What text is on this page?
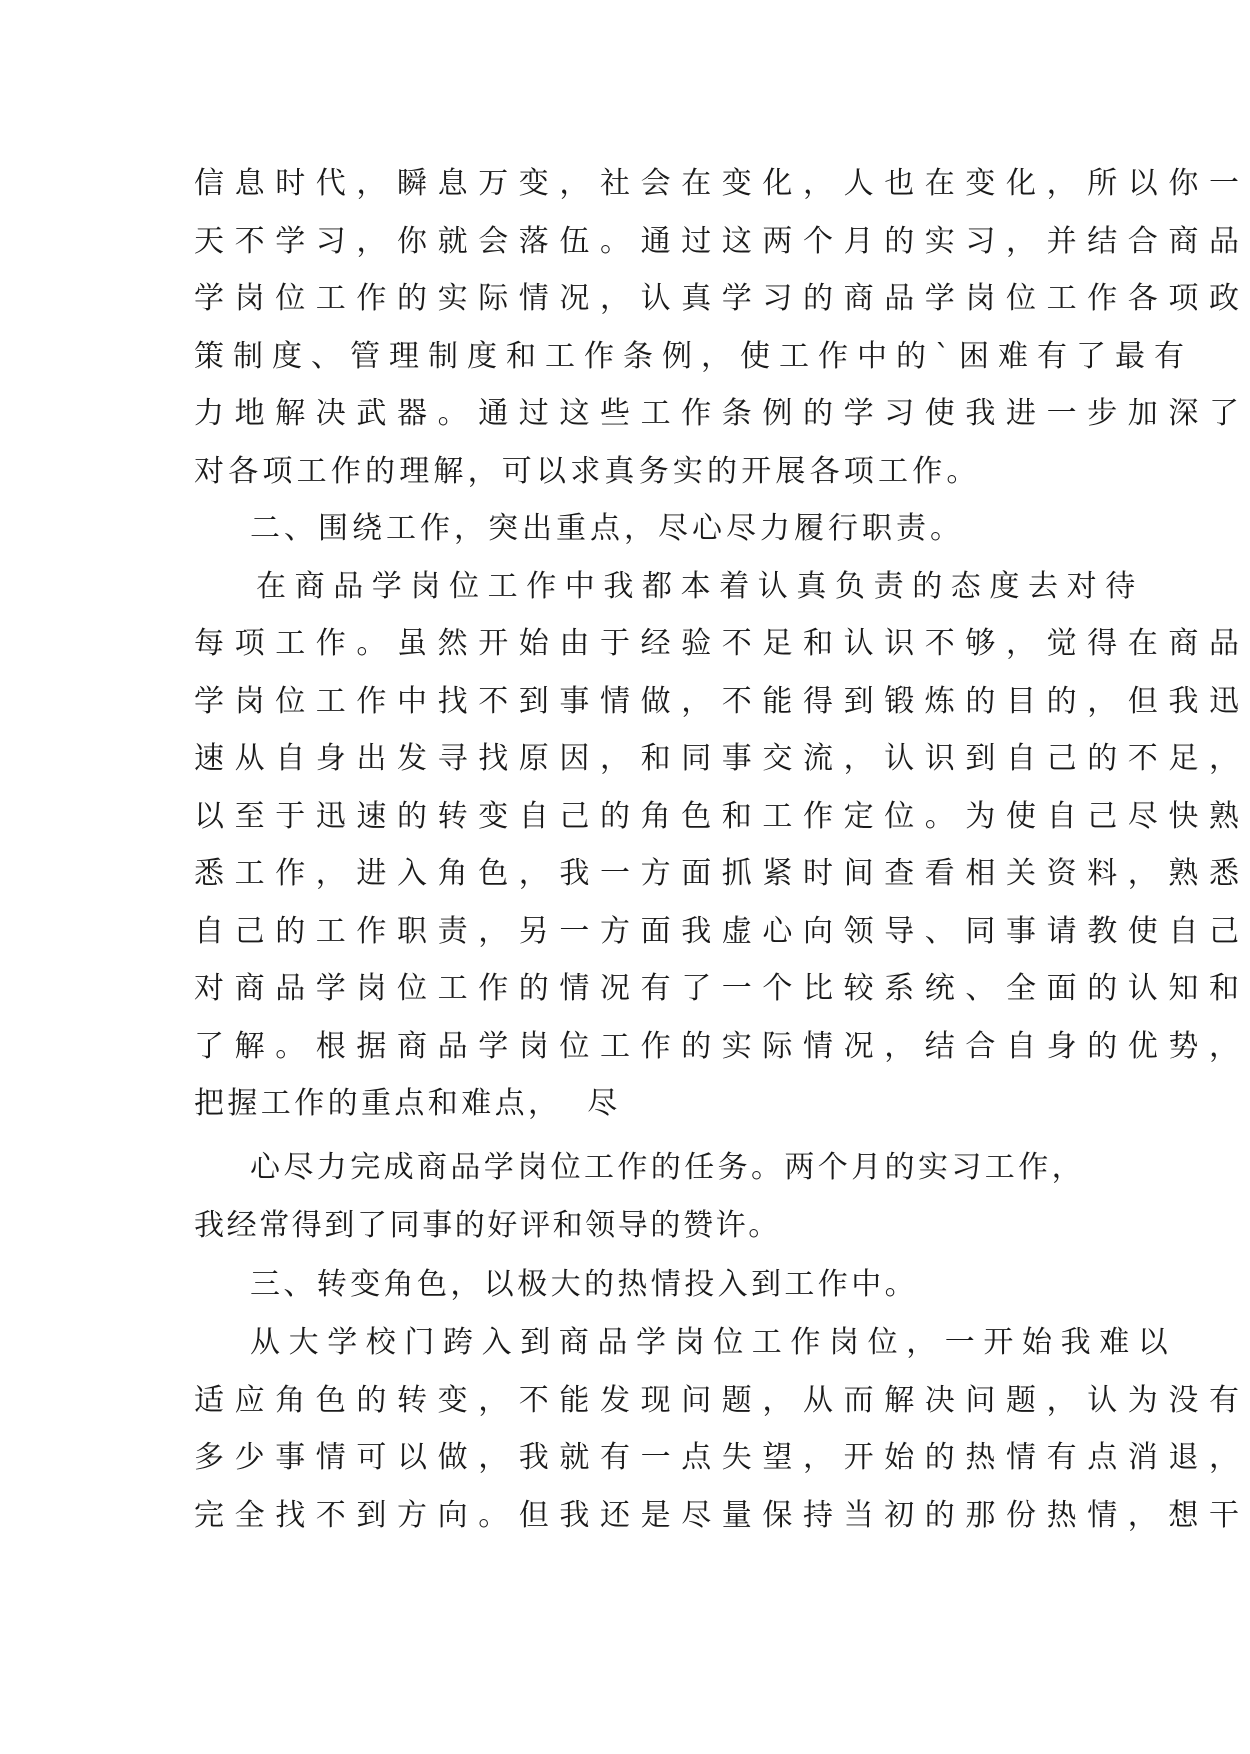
信息时代，瞬息万变，社会在变化，人也在变化，所以你一
天不学习，你就会落伍。通过这两个月的实习，并结合商品
学岗位工作的实际情况，认真学习的商品学岗位工作各项政
策制度、管理制度和工作条例，使工作中的`困难有了最有
力地解决武器。通过这些工作条例的学习使我进一步加深了
对各项工作的理解，可以求真务实的开展各项工作。
二、围绕工作，突出重点，尽心尽力履行职责。
在商品学岗位工作中我都本着认真负责的态度去对待
每项工作。虽然开始由于经验不足和认识不够，觉得在商品
学岗位工作中找不到事情做，不能得到锻炼的目的，但我迅
速从自身出发寻找原因，和同事交流，认识到自己的不足，
以至于迅速的转变自己的角色和工作定位。为使自己尽快熟
悉工作，进入角色，我一方面抓紧时间查看相关资料，熟悉
自己的工作职责，另一方面我虚心向领导、同事请教使自己
对商品学岗位工作的情况有了一个比较系统、全面的认知和
了解。根据商品学岗位工作的实际情况，结合自身的优势，
把握工作的重点和难点，  尽
心尽力完成商品学岗位工作的任务。两个月的实习工作，
我经常得到了同事的好评和领导的赞许。
三、转变角色，以极大的热情投入到工作中。
从大学校门跨入到商品学岗位工作岗位，一开始我难以
适应角色的转变，不能发现问题，从而解决问题，认为没有
多少事情可以做，我就有一点失望，开始的热情有点消退，
完全找不到方向。但我还是尽量保持当初的那份热情，想干
